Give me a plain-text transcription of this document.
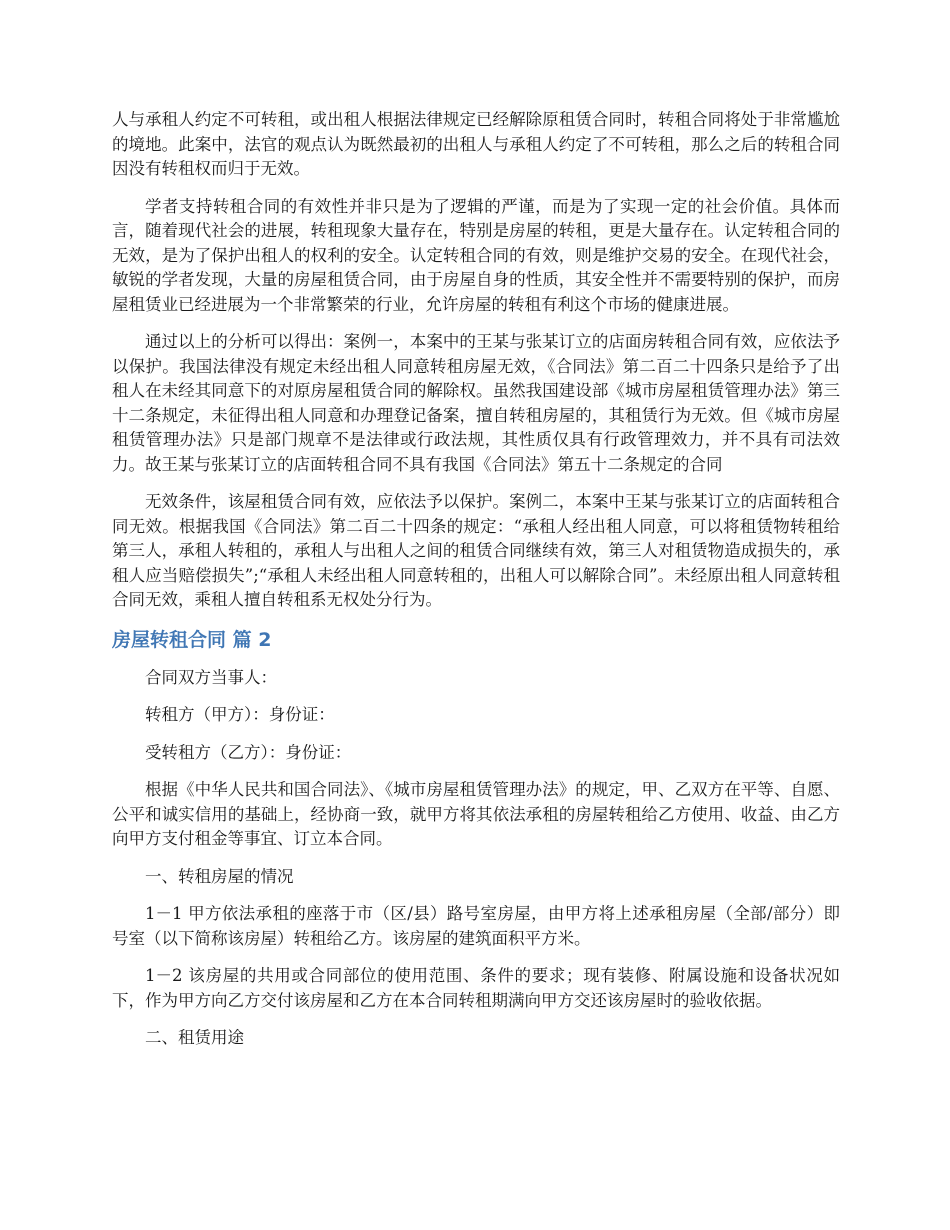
人与承租人约定不可转租，或出租人根据法律规定已经解除原租赁合同时，转租合同将处于非常尴尬的境地。此案中，法官的观点认为既然最初的出租人与承租人约定了不可转租，那么之后的转租合同因没有转租权而归于无效。

学者支持转租合同的有效性并非只是为了逻辑的严谨，而是为了实现一定的社会价值。具体而言，随着现代社会的进展，转租现象大量存在，特别是房屋的转租，更是大量存在。认定转租合同的无效，是为了保护出租人的权利的安全。认定转租合同的有效，则是维护交易的安全。在现代社会，敏锐的学者发现，大量的房屋租赁合同，由于房屋自身的性质，其安全性并不需要特别的保护，而房屋租赁业已经进展为一个非常繁荣的行业，允许房屋的转租有利这个市场的健康进展。

通过以上的分析可以得出：案例一，本案中的王某与张某订立的店面房转租合同有效，应依法予以保护。我国法律没有规定未经出租人同意转租房屋无效，《合同法》第二百二十四条只是给予了出租人在未经其同意下的对原房屋租赁合同的解除权。虽然我国建设部《城市房屋租赁管理办法》第三十二条规定，未征得出租人同意和办理登记备案，擅自转租房屋的，其租赁行为无效。但《城市房屋租赁管理办法》只是部门规章不是法律或行政法规，其性质仅具有行政管理效力，并不具有司法效力。故王某与张某订立的店面转租合同不具有我国《合同法》第五十二条规定的合同

无效条件，该屋租赁合同有效，应依法予以保护。案例二，本案中王某与张某订立的店面转租合同无效。根据我国《合同法》第二百二十四条的规定：“承租人经出租人同意，可以将租赁物转租给第三人，承租人转租的，承租人与出租人之间的租赁合同继续有效，第三人对租赁物造成损失的，承租人应当赔偿损失”;“承租人未经出租人同意转租的，出租人可以解除合同”。未经原出租人同意转租合同无效，乘租人擅自转租系无权处分行为。

房屋转租合同 篇 2

合同双方当事人：

转租方（甲方）：身份证：

受转租方（乙方）：身份证：

根据《中华人民共和国合同法》、《城市房屋租赁管理办法》的规定，甲、乙双方在平等、自愿、公平和诚实信用的基础上，经协商一致，就甲方将其依法承租的房屋转租给乙方使用、收益、由乙方向甲方支付租金等事宜、订立本合同。

一、转租房屋的情况

1－1 甲方依法承租的座落于市（区/县）路号室房屋，由甲方将上述承租房屋（全部/部分）即号室（以下简称该房屋）转租给乙方。该房屋的建筑面积平方米。

1－2 该房屋的共用或合同部位的使用范围、条件的要求；现有装修、附属设施和设备状况如下，作为甲方向乙方交付该房屋和乙方在本合同转租期满向甲方交还该房屋时的验收依据。

二、租赁用途
